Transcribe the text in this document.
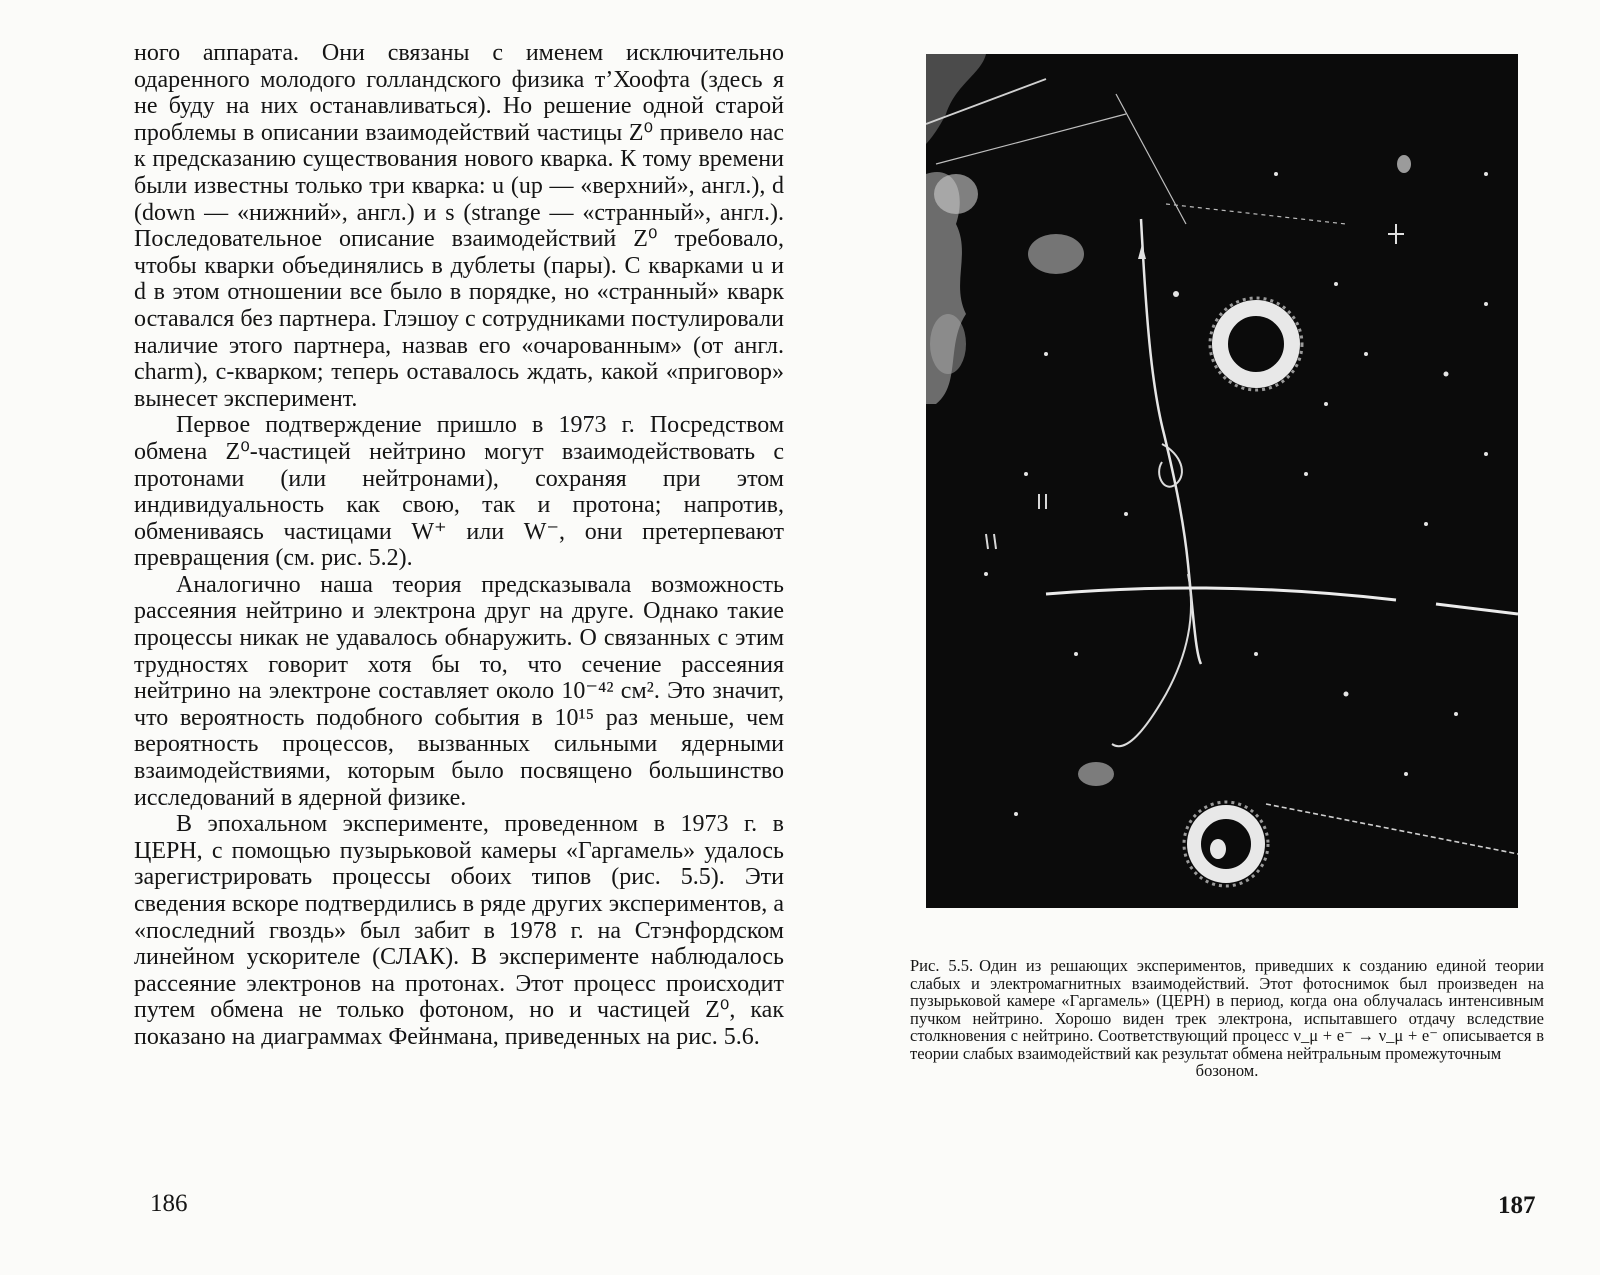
ного аппарата. Они связаны с именем исключительно одаренного молодого голландского физика т’Хоофта (здесь я не буду на них останавливаться). Но решение одной старой проблемы в описании взаимодействий частицы Z⁰ привело нас к предсказанию существования нового кварка. К тому времени были известны только три кварка: u (up — «верхний», англ.), d (down — «нижний», англ.) и s (strange — «странный», англ.). Последовательное описание взаимодействий Z⁰ требовало, чтобы кварки объединялись в дублеты (пары). С кварками u и d в этом отношении все было в порядке, но «странный» кварк оставался без партнера. Глэшоу с сотрудниками постулировали наличие этого партнера, назвав его «очарованным» (от англ. charm), c-кварком; теперь оставалось ждать, какой «приговор» вынесет эксперимент.

Первое подтверждение пришло в 1973 г. Посредством обмена Z⁰-частицей нейтрино могут взаимодействовать с протонами (или нейтронами), сохраняя при этом индивидуальность как свою, так и протона; напротив, обмениваясь частицами W⁺ или W⁻, они претерпевают превращения (см. рис. 5.2).

Аналогично наша теория предсказывала возможность рассеяния нейтрино и электрона друг на друге. Однако такие процессы никак не удавалось обнаружить. О связанных с этим трудностях говорит хотя бы то, что сечение рассеяния нейтрино на электроне составляет около 10⁻⁴² см². Это значит, что вероятность подобного события в 10¹⁵ раз меньше, чем вероятность процессов, вызванных сильными ядерными взаимодействиями, которым было посвящено большинство исследований в ядерной физике.

В эпохальном эксперименте, проведенном в 1973 г. в ЦЕРН, с помощью пузырьковой камеры «Гаргамель» удалось зарегистрировать процессы обоих типов (рис. 5.5). Эти сведения вскоре подтвердились в ряде других экспериментов, а «последний гвоздь» был забит в 1978 г. на Стэнфордском линейном ускорителе (СЛАК). В эксперименте наблюдалось рассеяние электронов на протонах. Этот процесс происходит путем обмена не только фотоном, но и частицей Z⁰, как показано на диаграммах Фейнмана, приведенных на рис. 5.6.

186
Рис. 5.5. Один из решающих экспериментов, приведших к созданию единой теории слабых и электромагнитных взаимодействий. Этот фотоснимок был произведен на пузырьковой камере «Гаргамель» (ЦЕРН) в период, когда она облучалась интенсивным пучком нейтрино. Хорошо виден трек электрона, испытавшего отдачу вследствие столкновения с нейтрино. Соответствующий процесс ν_μ + e⁻ → ν_μ + e⁻ описывается в теории слабых взаимодействий как результат обмена нейтральным промежуточным
бозоном.
187
